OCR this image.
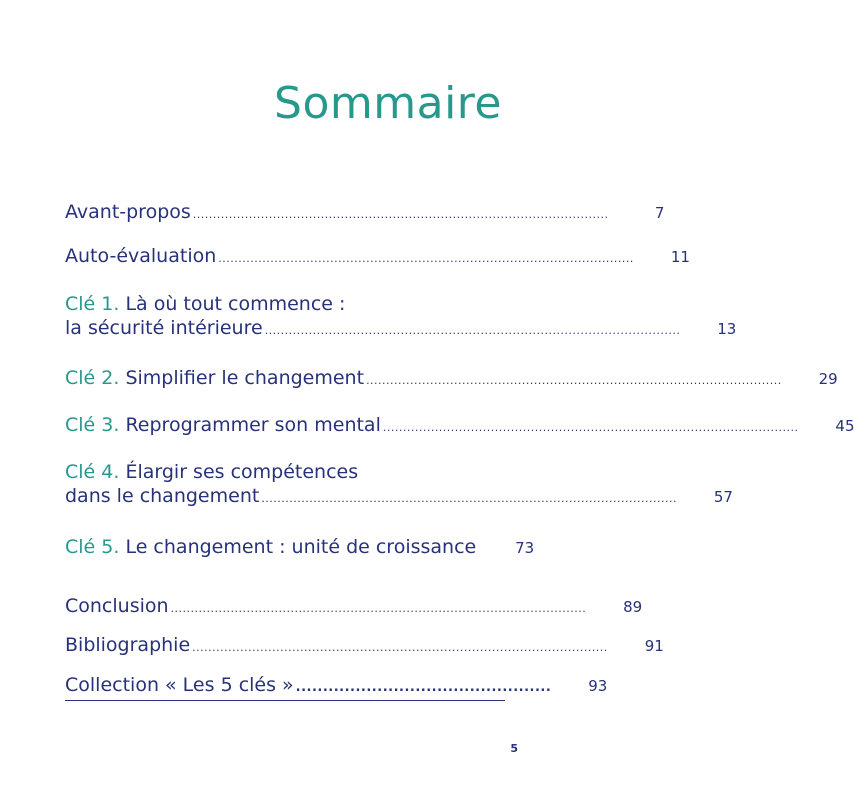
Sommaire
Avant-propos ........................................................................................................	7
Auto-évaluation ........................................................................................................	11
Clé 1. Là où tout commence :
la sécurité intérieure ........................................................................................................	13
Clé 2. Simplifier le changement ........................................................................................................	29
Clé 3. Reprogrammer son mental ........................................................................................................	45
Clé 4. Élargir ses compétences
dans le changement ........................................................................................................	57
Clé 5. Le changement : unité de croissance	73
Conclusion ........................................................................................................	89
Bibliographie ........................................................................................................	91
Collection « Les 5 clés » ...............................................	93
5
